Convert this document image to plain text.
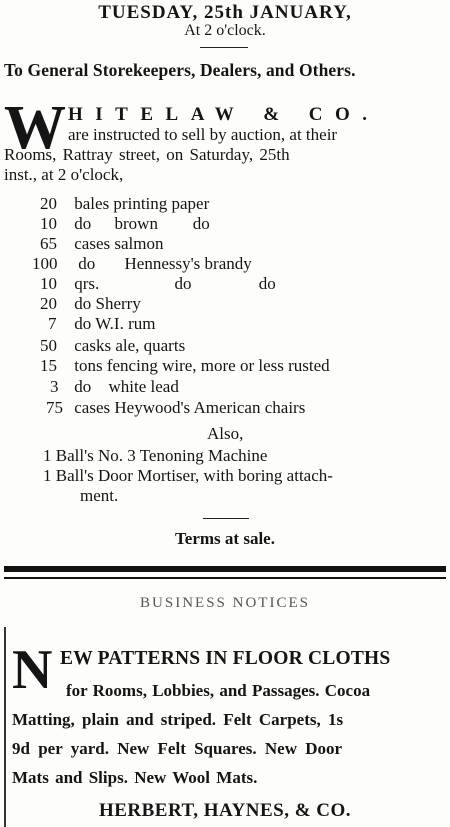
TUESDAY, 25th JANUARY,
At 2 o'clock.
To General Storekeepers, Dealers, and Others.
W HITELAW & CO.
are instructed to sell by auction, at their
Rooms, Rattray street, on Saturday, 25th
inst., at 2 o'clock,
20 bales printing paper
10 do brown do
65 cases salmon
100 do Hennessy's brandy
10 qrs.	do	do
20 do Sherry
7 do W.I. rum
50 casks ale, quarts
15 tons fencing wire, more or less rusted
3 do white lead
75 cases Heywood's American chairs
Also,
1 Ball's No. 3 Tenoning Machine
1 Ball's Door Mortiser, with boring attach-
ment.
Terms at sale.
BUSINESS NOTICES
N EW PATTERNS IN FLOOR CLOTHS
for Rooms, Lobbies, and Passages. Cocoa
Matting, plain and striped. Felt Carpets, 1s
9d per yard. New Felt Squares. New Door
Mats and Slips. New Wool Mats.
HERBERT, HAYNES, & CO.
